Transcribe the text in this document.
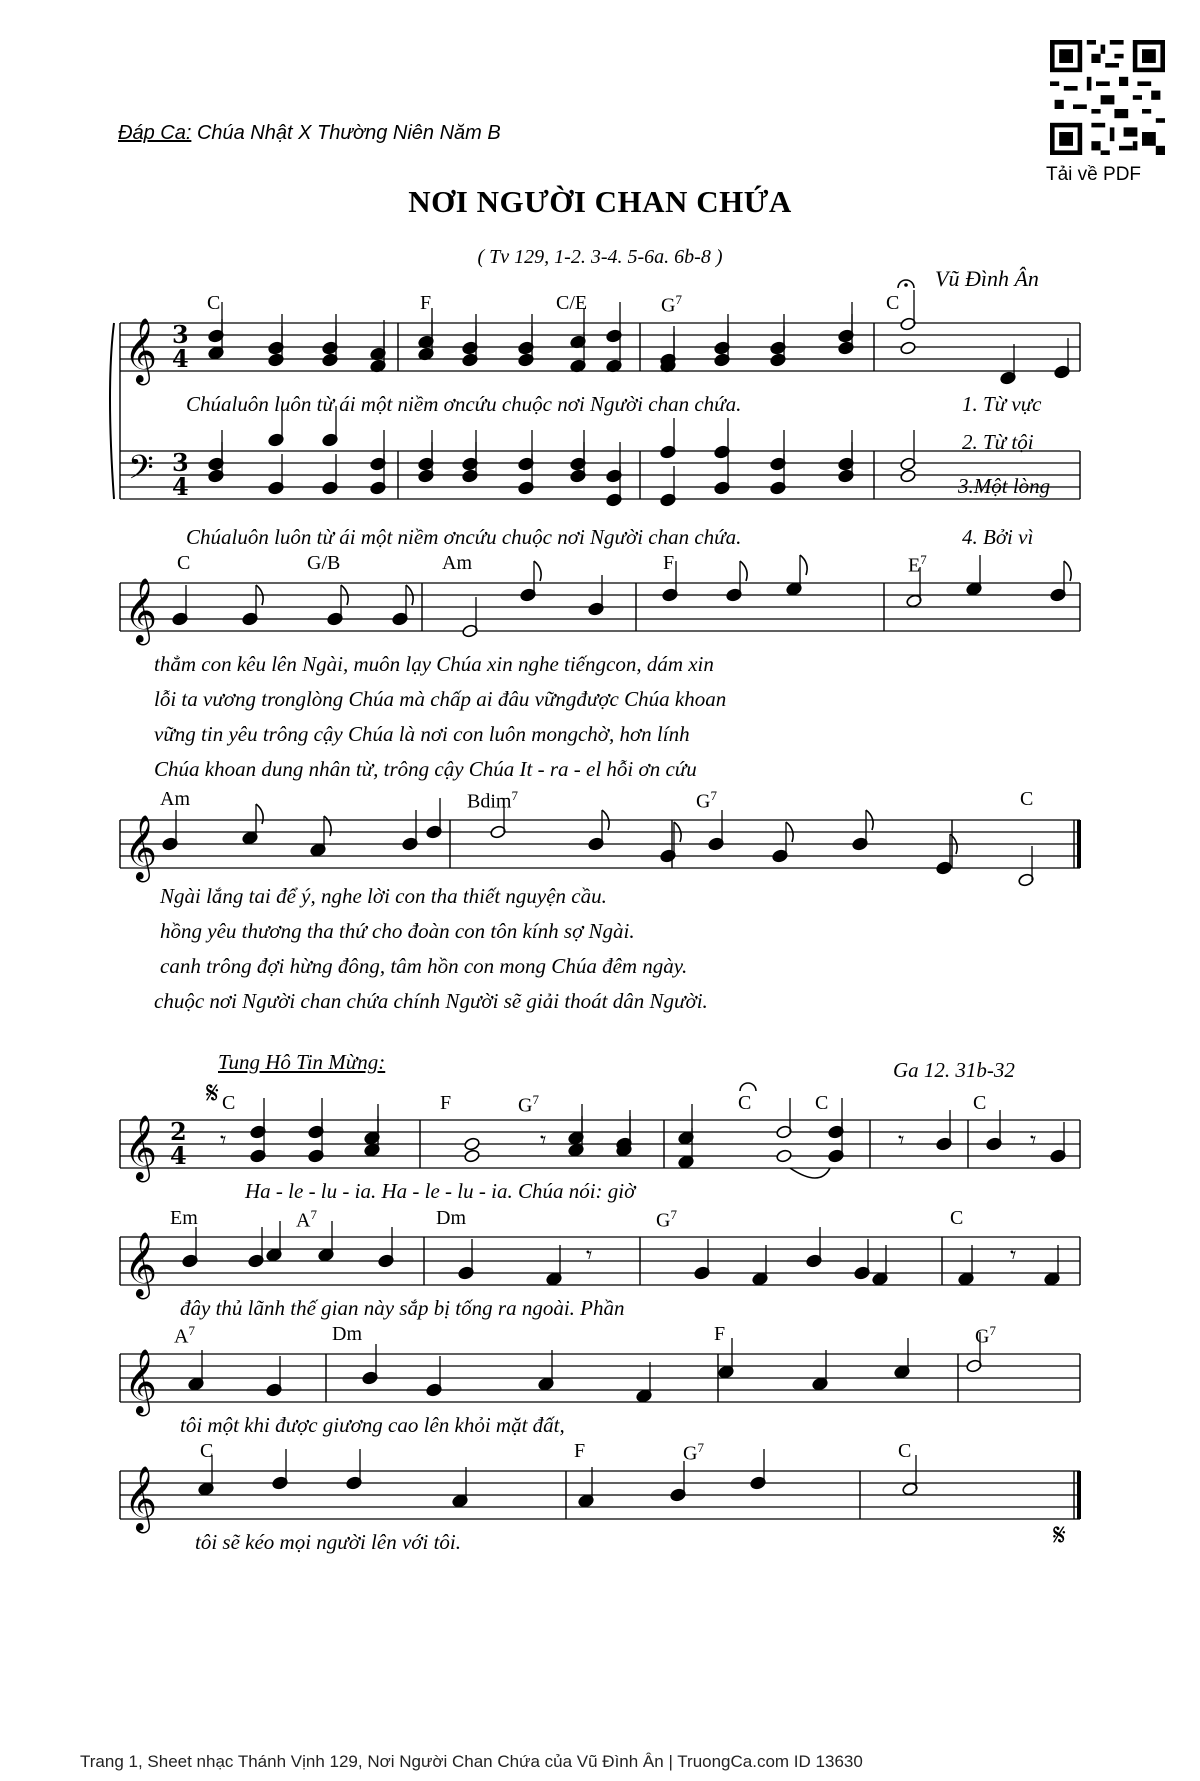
Đáp Ca: Chúa Nhật X Thường Niên Năm B
NƠI NGƯỜI CHAN CHỨA
( Tv 129, 1-2. 3-4. 5-6a. 6b-8 )
Vũ Đình Ân
Tải về PDF
𝄞
𝄢
3
4
3
4
𝄞
𝄞
𝄋
𝄋
𝄞 2
4
𝄾	𝄾	𝄾	𝄾
𝄞	𝄾	𝄾
𝄞
𝄞
C	F	C/E	$G^7$	C
Chúaluôn luôn từ ái một niềm ơncứu chuộc nơi Người chan chứa.	1. Từ vực
2. Từ tội
3.Một lòng
Chúaluôn luôn từ ái một niềm ơncứu chuộc nơi Người chan chứa.	4. Bởi vì
C	G/B	Am	F	$E^7$
thẳm con kêu lên Ngài, muôn lạy Chúa xin nghe tiếngcon, dám xin
lỗi ta vương tronglòng Chúa mà chấp ai đâu vữngđược Chúa khoan
vững tin yêu trông cậy Chúa là nơi con luôn mongchờ, hơn lính
Chúa khoan dung nhân từ, trông cậy Chúa It - ra - el hỗi ơn cứu
Am	Bdim$^7$	$G^7$	C
Ngài lắng tai để ý, nghe lời con tha thiết nguyện cầu.
hồng yêu thương tha thứ cho đoàn con tôn kính sợ Ngài.
canh trông đợi hừng đông, tâm hồn con mong Chúa đêm ngày.
chuộc nơi Người chan chứa chính Người sẽ giải thoát dân Người.
Tung Hô Tin Mừng:	Ga 12. 31b-32
C	F	$G^7$	C	C	C
Ha - le - lu - ia. Ha - le - lu - ia. Chúa nói: giờ
Em	$A^7$	Dm	$G^7$	C
đây thủ lãnh thế gian này sắp bị tống ra ngoài. Phần
$A^7$	Dm	F	$G^7$
tôi một khi được giương cao lên khỏi mặt đất,
C	F	$G^7$	C
tôi sẽ kéo mọi người lên với tôi.
Trang 1, Sheet nhạc Thánh Vịnh 129, Nơi Người Chan Chứa của Vũ Đình Ân | TruongCa.com ID 13630
